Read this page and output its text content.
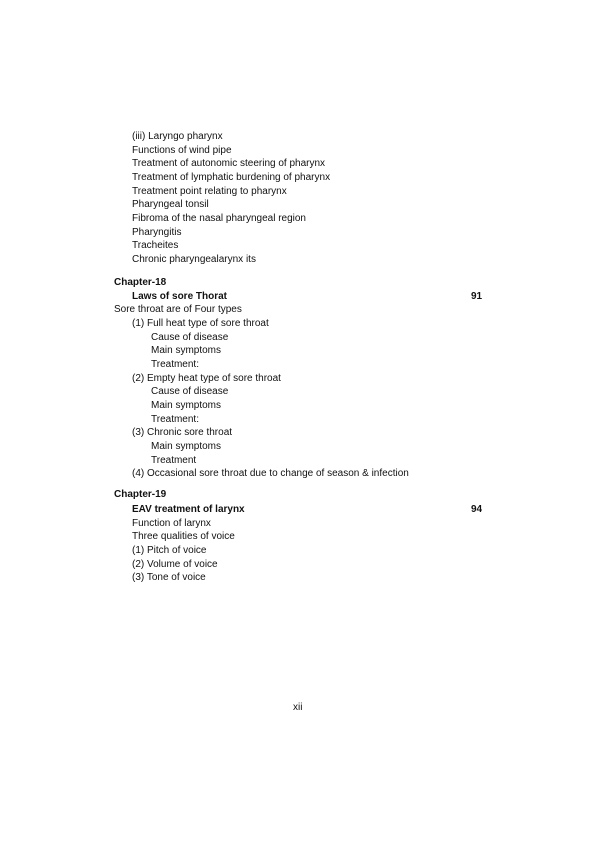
(iii) Laryngo pharynx
Functions of wind pipe
Treatment of autonomic steering of pharynx
Treatment of lymphatic burdening of pharynx
Treatment point relating to pharynx
Pharyngeal tonsil
Fibroma of the nasal pharyngeal region
Pharyngitis
Tracheites
Chronic pharyngealarynx its
Chapter-18
Laws of sore Thorat	91
Sore throat are of Four types
(1) Full heat type of sore throat
Cause of disease
Main symptoms
Treatment:
(2) Empty heat type of sore throat
Cause of disease
Main symptoms
Treatment:
(3) Chronic sore throat
Main symptoms
Treatment
(4) Occasional sore throat due to change of season & infection
Chapter-19
EAV treatment of larynx	94
Function of larynx
Three qualities of voice
(1) Pitch of voice
(2) Volume of voice
(3) Tone of voice
xii
